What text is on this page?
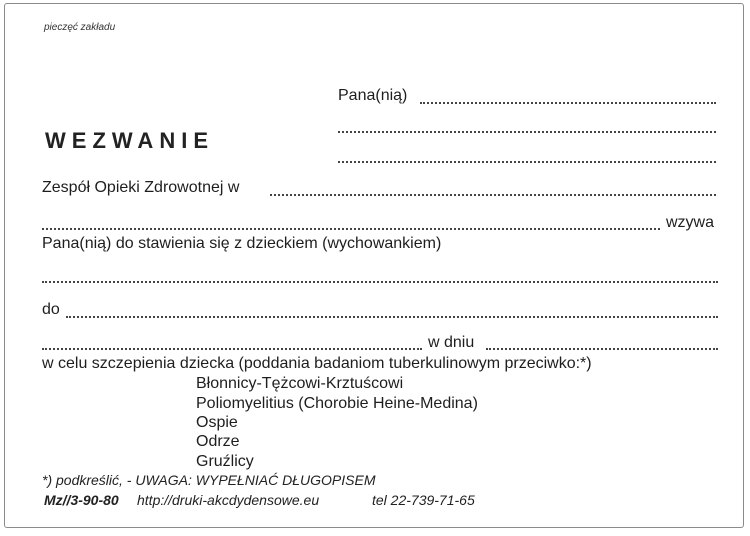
pieczęć zakładu
Pana(nią)
WEZWANIE
Zespół Opieki Zdrowotnej w
wzywa
Pana(nią) do stawienia się z dzieckiem (wychowankiem)
do
w dniu
w celu szczepienia dziecka (poddania badaniom tuberkulinowym przeciwko:*)
Błonnicy-Tężcowi-Krztuścowi
Poliomyelitius (Chorobie Heine-Medina)
Ospie
Odrze
Gruźlicy
*) podkreślić, - UWAGA: WYPEŁNIAĆ DŁUGOPISEM
Mz//3-90-80 http://druki-akcdydensowe.eu	tel 22-739-71-65
